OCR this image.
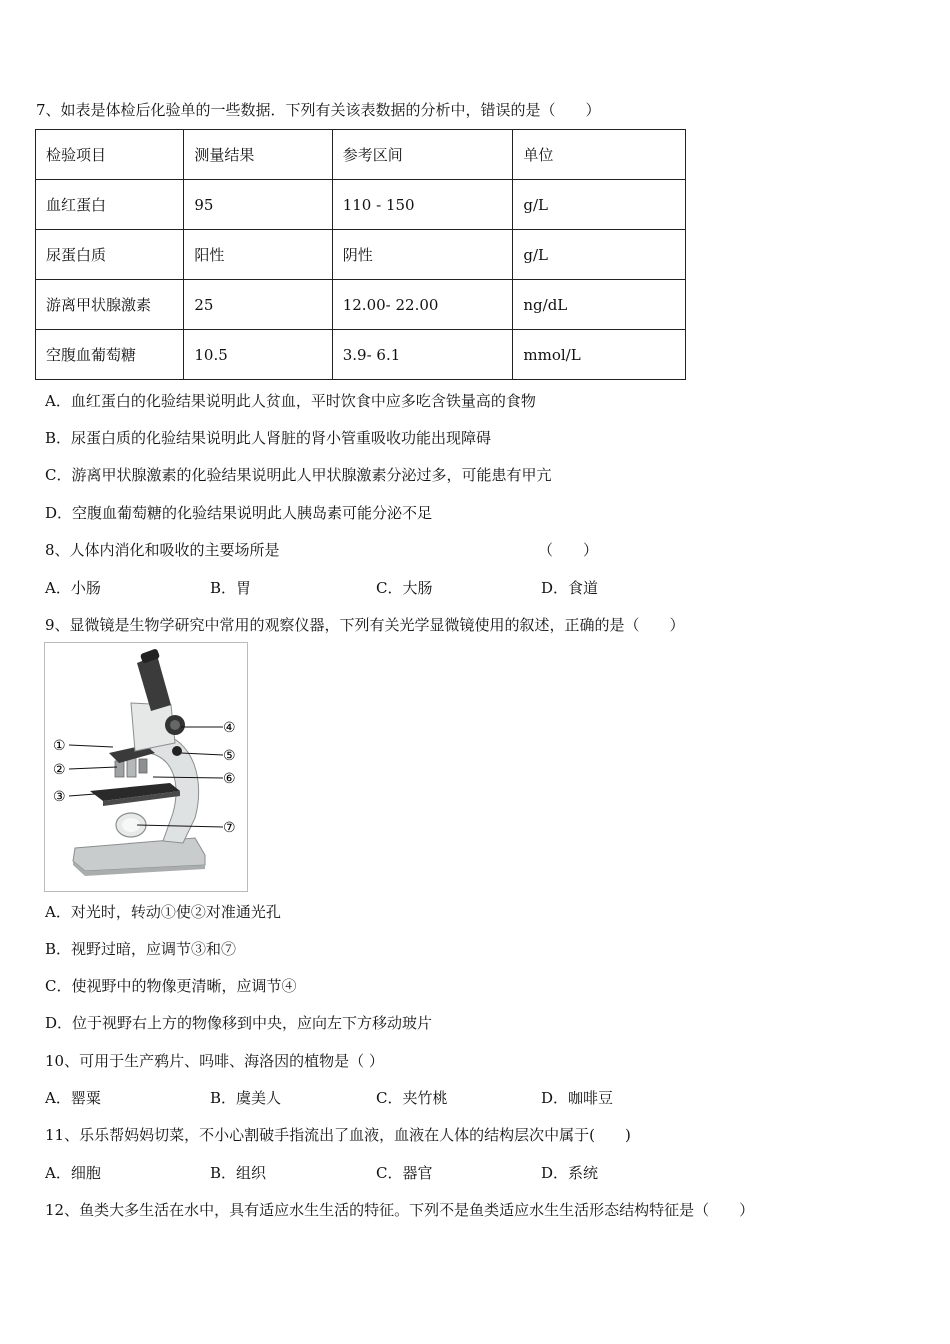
7、如表是体检后化验单的一些数据．下列有关该表数据的分析中，错误的是（　　）
检验项目	测量结果	参考区间	单位
血红蛋白	95	110 - 150	g/L
尿蛋白质	阳性	阴性	g/L
游离甲状腺激素	25	12.00- 22.00	ng/dL
空腹血葡萄糖	10.5	3.9- 6.1	mmol/L
A．血红蛋白的化验结果说明此人贫血，平时饮食中应多吃含铁量高的食物
B．尿蛋白质的化验结果说明此人肾脏的肾小管重吸收功能出现障碍
C．游离甲状腺激素的化验结果说明此人甲状腺激素分泌过多，可能患有甲亢
D．空腹血葡萄糖的化验结果说明此人胰岛素可能分泌不足
8、人体内消化和吸收的主要场所是	（　　）
A．小肠	B．胃	C．大肠	D．食道
9、显微镜是生物学研究中常用的观察仪器，下列有关光学显微镜使用的叙述，正确的是（　　）
①
②
③
④
⑤
⑥
⑦
A．对光时，转动①使②对准通光孔
B．视野过暗，应调节③和⑦
C．使视野中的物像更清晰，应调节④
D．位于视野右上方的物像移到中央，应向左下方移动玻片
10、可用于生产鸦片、吗啡、海洛因的植物是（ ）
A．罂粟	B．虞美人	C．夹竹桃	D．咖啡豆
11、乐乐帮妈妈切菜，不小心割破手指流出了血液，血液在人体的结构层次中属于(　　)
A．细胞	B．组织	C．器官	D．系统
12、鱼类大多生活在水中，具有适应水生生活的特征。下列不是鱼类适应水生生活形态结构特征是（　　）
